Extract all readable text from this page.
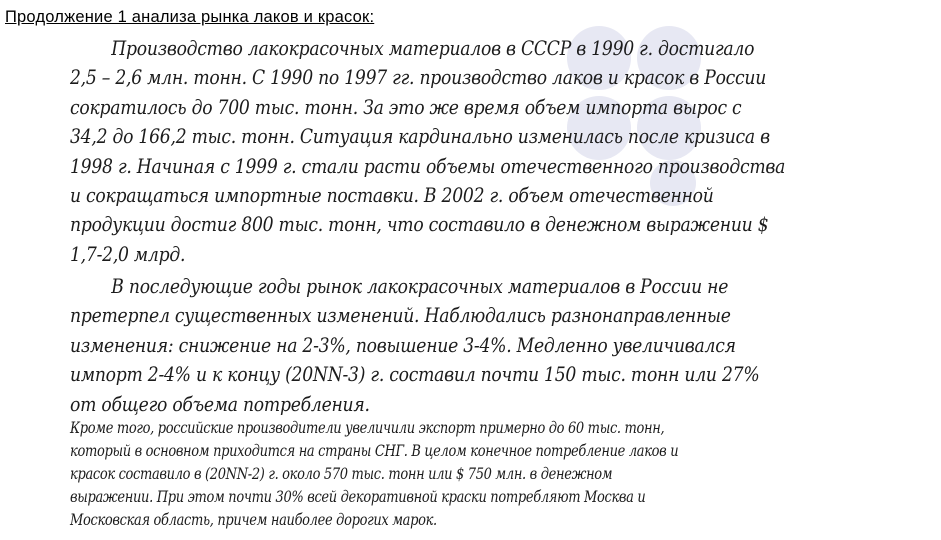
Продолжение 1 анализа рынка лаков и красок:

Производство лакокрасочных материалов в СССР в 1990 г. достигало

2,5 – 2,6 млн. тонн. С 1990 по 1997 гг. производство лаков и красок в России

сократилось до 700 тыс. тонн. За это же время объем импорта вырос с

34,2 до 166,2 тыс. тонн. Ситуация кардинально изменилась после кризиса в

1998 г. Начиная с 1999 г. стали расти объемы отечественного производства

и сокращаться импортные поставки. В 2002 г. объем отечественной

продукции достиг 800 тыс. тонн, что составило в денежном выражении $

1,7-2,0 млрд.

В последующие годы рынок лакокрасочных материалов в России не

претерпел существенных изменений. Наблюдались разнонаправленные

изменения: снижение на 2-3%, повышение 3-4%. Медленно увеличивался

импорт 2-4% и к концу (20NN-3) г. составил почти 150 тыс. тонн или 27%

от общего объема потребления.

Кроме того, российские производители увеличили экспорт примерно до 60 тыс. тонн,

который в основном приходится на страны СНГ. В целом конечное потребление лаков и

красок составило в (20NN-2) г. около 570 тыс. тонн или $ 750 млн. в денежном

выражении. При этом почти 30% всей декоративной краски потребляют Москва и

Московская область, причем наиболее дорогих марок.
